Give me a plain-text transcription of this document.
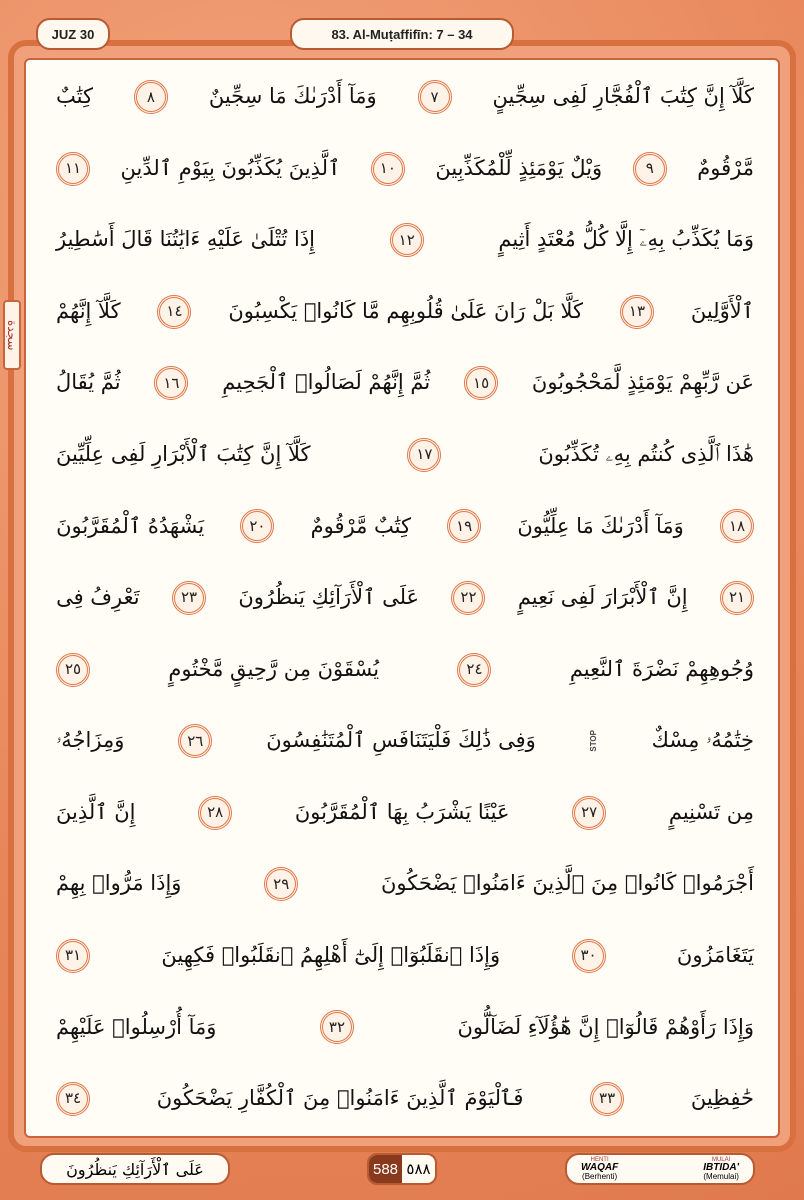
JUZ 30	83. Al-Muṭaffifīn: 7 – 34
كَلَّآ إِنَّ كِتَٰبَ ٱلْفُجَّارِ لَفِى سِجِّينٍ
٧
وَمَآ أَدْرَىٰكَ مَا سِجِّينٌ
٨
كِتَٰبٌ
مَّرْقُومٌ
٩
وَيْلٌ يَوْمَئِذٍ لِّلْمُكَذِّبِينَ
١٠
ٱلَّذِينَ يُكَذِّبُونَ بِيَوْمِ ٱلدِّينِ
١١
وَمَا يُكَذِّبُ بِهِۦٓ إِلَّا كُلُّ مُعْتَدٍ أَثِيمٍ
١٢
إِذَا تُتْلَىٰ عَلَيْهِ ءَايَٰتُنَا قَالَ أَسَٰطِيرُ
ٱلْأَوَّلِينَ
١٣
كَلَّا بَلْ رَانَ عَلَىٰ قُلُوبِهِم مَّا كَانُوا۟ يَكْسِبُونَ
١٤
كَلَّآ إِنَّهُمْ
عَن رَّبِّهِمْ يَوْمَئِذٍ لَّمَحْجُوبُونَ
١٥
ثُمَّ إِنَّهُمْ لَصَالُوا۟ ٱلْجَحِيمِ
١٦
ثُمَّ يُقَالُ
هَٰذَا ٱلَّذِى كُنتُم بِهِۦ تُكَذِّبُونَ
١٧
كَلَّآ إِنَّ كِتَٰبَ ٱلْأَبْرَارِ لَفِى عِلِّيِّينَ
١٨
وَمَآ أَدْرَىٰكَ مَا عِلِّيُّونَ
١٩
كِتَٰبٌ مَّرْقُومٌ
٢٠
يَشْهَدُهُ ٱلْمُقَرَّبُونَ
٢١
إِنَّ ٱلْأَبْرَارَ لَفِى نَعِيمٍ
٢٢
عَلَى ٱلْأَرَآئِكِ يَنظُرُونَ
٢٣
تَعْرِفُ فِى
وُجُوهِهِمْ نَضْرَةَ ٱلنَّعِيمِ
٢٤
يُسْقَوْنَ مِن رَّحِيقٍ مَّخْتُومٍ
٢٥
خِتَٰمُهُۥ مِسْكٌ
STOP
وَفِى ذَٰلِكَ فَلْيَتَنَافَسِ ٱلْمُتَنَٰفِسُونَ
٢٦
وَمِزَاجُهُۥ
مِن تَسْنِيمٍ
٢٧
عَيْنًا يَشْرَبُ بِهَا ٱلْمُقَرَّبُونَ
٢٨
إِنَّ ٱلَّذِينَ
أَجْرَمُوا۟ كَانُوا۟ مِنَ ٱلَّذِينَ ءَامَنُوا۟ يَضْحَكُونَ
٢٩
وَإِذَا مَرُّوا۟ بِهِمْ
يَتَغَامَزُونَ
٣٠
وَإِذَا ٱنقَلَبُوٓا۟ إِلَىٰٓ أَهْلِهِمُ ٱنقَلَبُوا۟ فَكِهِينَ
٣١
وَإِذَا رَأَوْهُمْ قَالُوٓا۟ إِنَّ هَٰٓؤُلَآءِ لَضَآلُّونَ
٣٢
وَمَآ أُرْسِلُوا۟ عَلَيْهِمْ
حَٰفِظِينَ
٣٣
فَٱلْيَوْمَ ٱلَّذِينَ ءَامَنُوا۟ مِنَ ٱلْكُفَّارِ يَضْحَكُونَ
٣٤
سجدة
عَلَى ٱلْأَرَآئِكِ يَنظُرُونَ	588 ٥٨٨
HENTI
WAQAF
(Berhenti)
MULAI
IBTIDA'
(Memulai)
